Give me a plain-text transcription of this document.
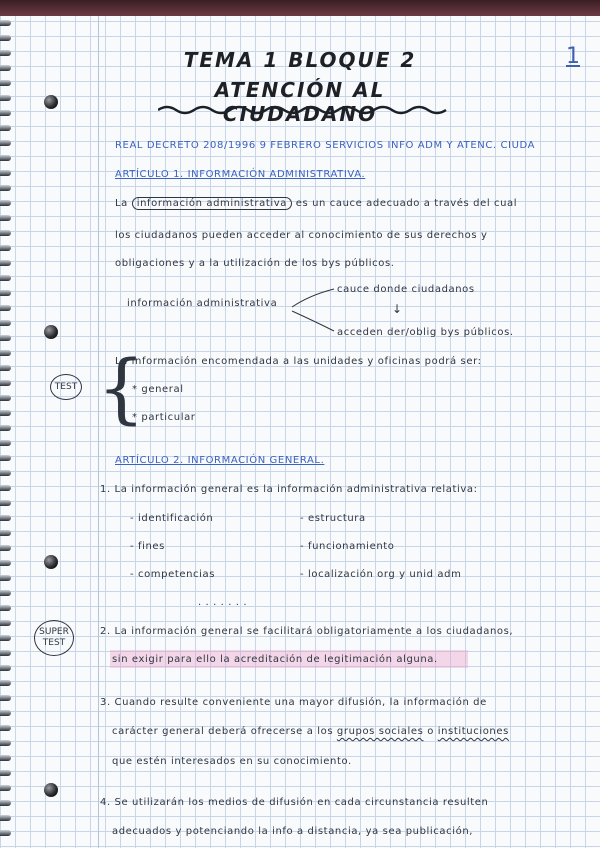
TEMA 1 BLOQUE 2
ATENCIÓN AL CIUDADANO
1
REAL DECRETO 208/1996 9 FEBRERO SERVICIOS INFO ADM Y ATENC. CIUDA
ARTÍCULO 1. INFORMACIÓN ADMINISTRATIVA.
La información administrativa es un cauce adecuado a través del cual
los ciudadanos pueden acceder al conocimiento de sus derechos y
obligaciones y a la utilización de los bys públicos.
información administrativa
cauce donde ciudadanos
↓
acceden der/oblig bys públicos.
{
TEST
La información encomendada a las unidades y oficinas podrá ser:
* general
* particular
ARTÍCULO 2. INFORMACIÓN GENERAL.
1. La información general es la información administrativa relativa:
- identificación
- fines
- competencias
- estructura
- funcionamiento
- localización org y unid adm
. . . . . . .
SUPER
TEST
2. La información general se facilitará obligatoriamente a los ciudadanos,
sin exigir para ello la acreditación de legitimación alguna.
3. Cuando resulte conveniente una mayor difusión, la información de
carácter general deberá ofrecerse a los grupos sociales o instituciones
que estén interesados en su conocimiento.
4. Se utilizarán los medios de difusión en cada circunstancia resulten
adecuados y potenciando la info a distancia, ya sea publicación,
